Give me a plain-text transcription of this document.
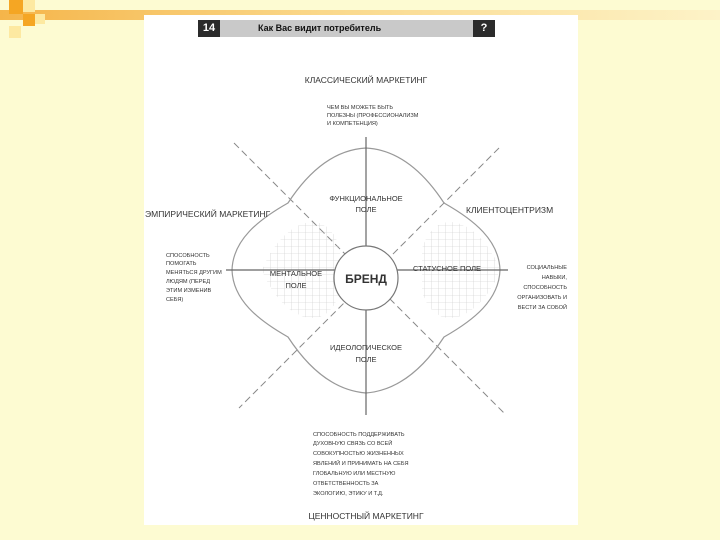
14	Как Вас видит потребитель	?
БРЕНД
КЛАССИЧЕСКИЙ МАРКЕТИНГ
ЦЕННОСТНЫЙ МАРКЕТИНГ
ЭМПИРИЧЕСКИЙ МАРКЕТИНГ	КЛИЕНТОЦЕНТРИЗМ
ФУНКЦИОНАЛЬНОЕ
ПОЛЕ
МЕНТАЛЬНОЕ
ПОЛЕ
СТАТУСНОЕ ПОЛЕ
ИДЕОЛОГИЧЕСКОЕ
ПОЛЕ
ЧЕМ ВЫ МОЖЕТЕ БЫТЬ
ПОЛЕЗНЫ (ПРОФЕССИОНАЛИЗМ
И КОМПЕТЕНЦИЯ)
СПОСОБНОСТЬ
ПОМОГАТЬ
МЕНЯТЬСЯ ДРУГИМ
ЛЮДЯМ (ПЕРЕД
ЭТИМ ИЗМЕНИВ
СЕБЯ)
СОЦИАЛЬНЫЕ
НАВЫКИ,
СПОСОБНОСТЬ
ОРГАНИЗОВАТЬ И
ВЕСТИ ЗА СОБОЙ
СПОСОБНОСТЬ ПОДДЕРЖИВАТЬ
ДУХОВНУЮ СВЯЗЬ СО ВСЕЙ
СОВОКУПНОСТЬЮ ЖИЗНЕННЫХ
ЯВЛЕНИЙ И ПРИНИМАТЬ НА СЕБЯ
ГЛОБАЛЬНУЮ ИЛИ МЕСТНУЮ
ОТВЕТСТВЕННОСТЬ ЗА
ЭКОЛОГИЮ, ЭТИКУ И Т.Д.
